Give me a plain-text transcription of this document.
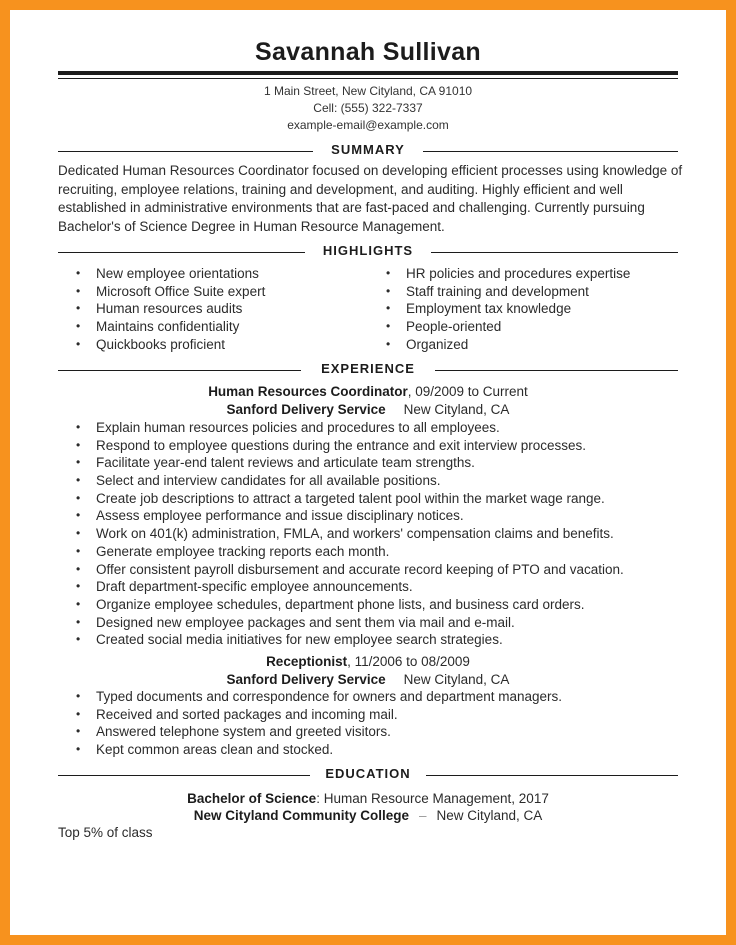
Savannah Sullivan
1 Main Street, New Cityland, CA 91010
Cell: (555) 322-7337
example-email@example.com
SUMMARY
Dedicated Human Resources Coordinator focused on developing efficient processes using knowledge of recruiting, employee relations, training and development, and auditing. Highly efficient and well established in administrative environments that are fast-paced and challenging. Currently pursuing Bachelor's of Science Degree in Human Resource Management.
HIGHLIGHTS
• New employee orientations
• Microsoft Office Suite expert
• Human resources audits
• Maintains confidentiality
• Quickbooks proficient
• HR policies and procedures expertise
• Staff training and development
• Employment tax knowledge
• People-oriented
• Organized
EXPERIENCE
Human Resources Coordinator, 09/2009 to Current
Sanford Delivery Service New Cityland, CA
• Explain human resources policies and procedures to all employees.
• Respond to employee questions during the entrance and exit interview processes.
• Facilitate year-end talent reviews and articulate team strengths.
• Select and interview candidates for all available positions.
• Create job descriptions to attract a targeted talent pool within the market wage range.
• Assess employee performance and issue disciplinary notices.
• Work on 401(k) administration, FMLA, and workers' compensation claims and benefits.
• Generate employee tracking reports each month.
• Offer consistent payroll disbursement and accurate record keeping of PTO and vacation.
• Draft department-specific employee announcements.
• Organize employee schedules, department phone lists, and business card orders.
• Designed new employee packages and sent them via mail and e-mail.
• Created social media initiatives for new employee search strategies.
Receptionist, 11/2006 to 08/2009
Sanford Delivery Service New Cityland, CA
• Typed documents and correspondence for owners and department managers.
• Received and sorted packages and incoming mail.
• Answered telephone system and greeted visitors.
• Kept common areas clean and stocked.
EDUCATION
Bachelor of Science: Human Resource Management, 2017
New Cityland Community College – New Cityland, CA
Top 5% of class
